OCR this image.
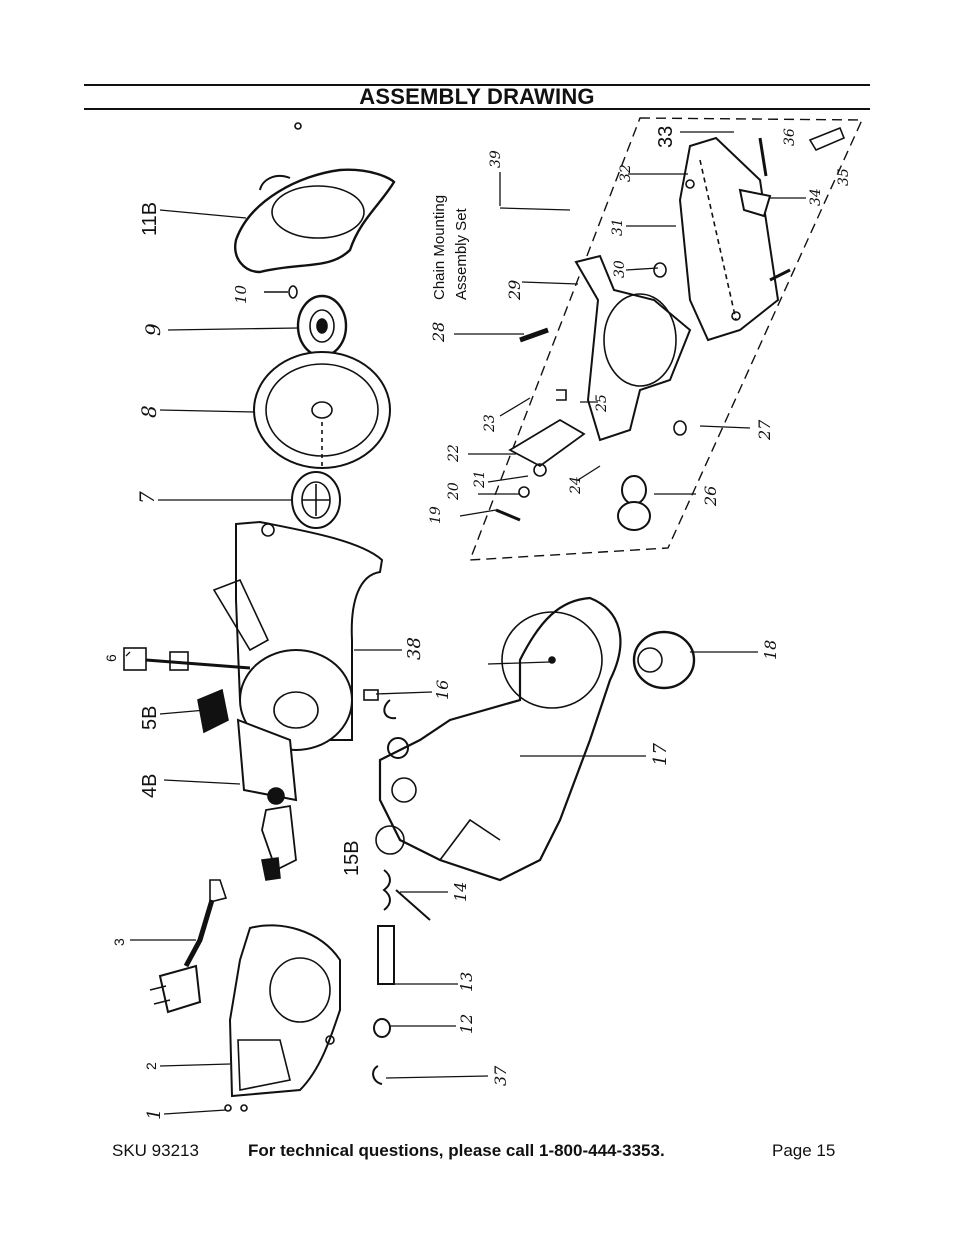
ASSEMBLY DRAWING
Chain Mounting Assembly Set
11B
10
9
8
7
6
5B
4B
3
2
1
15B
14
13
12
37
16
38
17
18
39
28
29
30
31
32
33	36
35
34
27
26
25
24
23
22
21
20
19
SKU 93213	For technical questions, please call 1-800-444-3353.	Page 15
